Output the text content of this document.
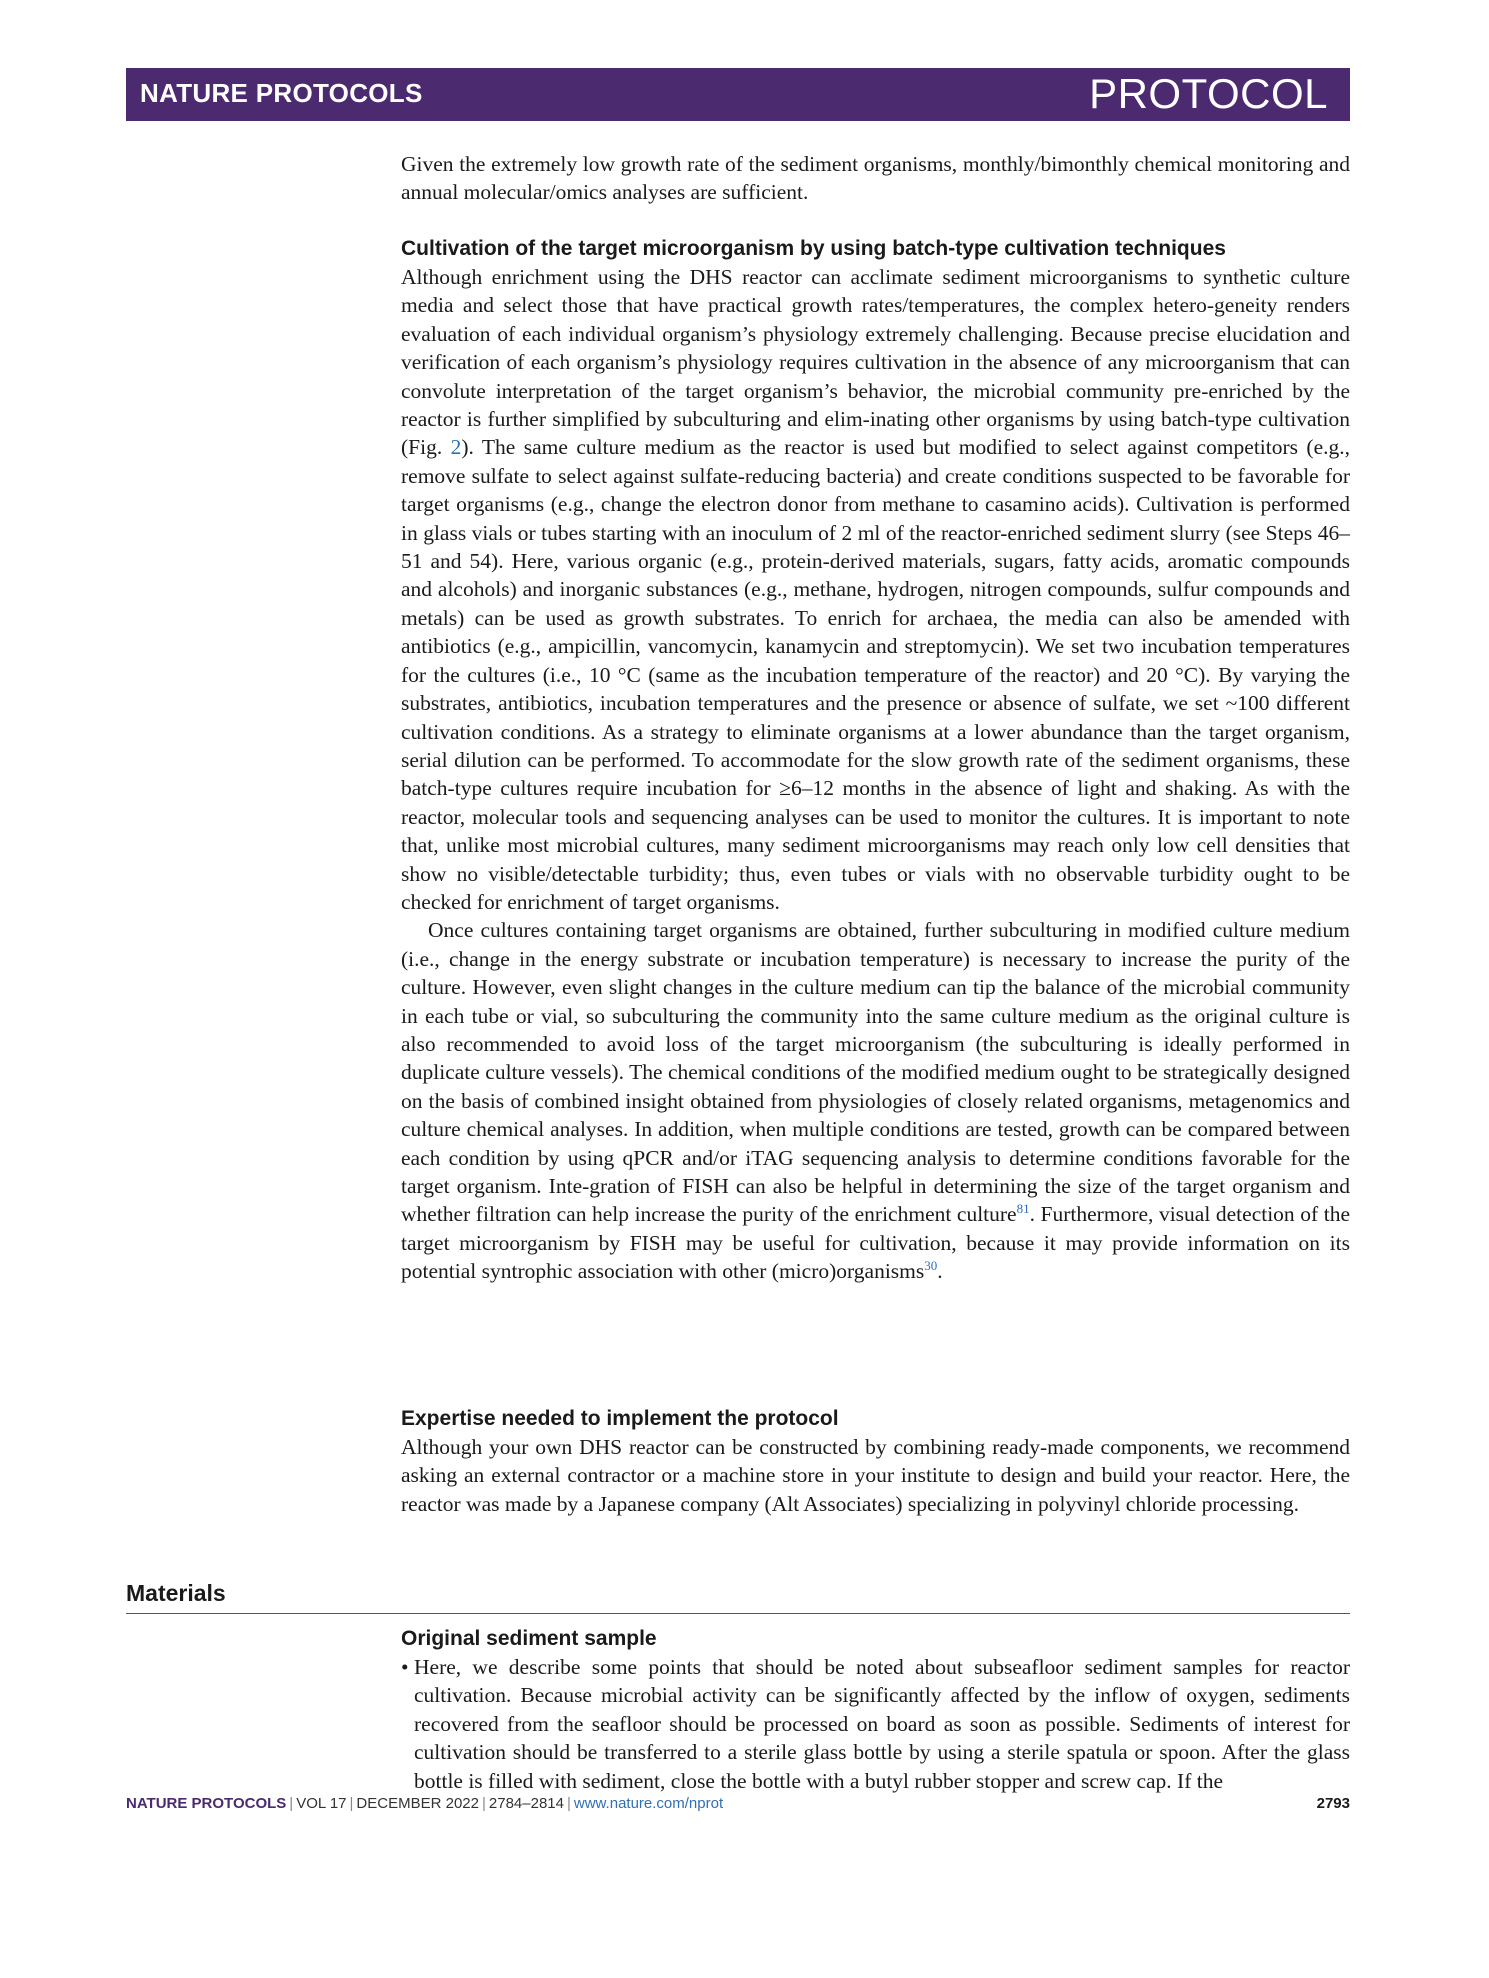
NATURE PROTOCOLS	PROTOCOL

Given the extremely low growth rate of the sediment organisms, monthly/bimonthly chemical monitoring and annual molecular/omics analyses are sufficient.

Cultivation of the target microorganism by using batch-type cultivation techniques

Although enrichment using the DHS reactor can acclimate sediment microorganisms to synthetic culture media and select those that have practical growth rates/temperatures, the complex hetero-geneity renders evaluation of each individual organism’s physiology extremely challenging. Because precise elucidation and verification of each organism’s physiology requires cultivation in the absence of any microorganism that can convolute interpretation of the target organism’s behavior, the microbial community pre-enriched by the reactor is further simplified by subculturing and elim-inating other organisms by using batch-type cultivation (Fig. 2). The same culture medium as the reactor is used but modified to select against competitors (e.g., remove sulfate to select against sulfate-reducing bacteria) and create conditions suspected to be favorable for target organisms (e.g., change the electron donor from methane to casamino acids). Cultivation is performed in glass vials or tubes starting with an inoculum of 2 ml of the reactor-enriched sediment slurry (see Steps 46–51 and 54). Here, various organic (e.g., protein-derived materials, sugars, fatty acids, aromatic compounds and alcohols) and inorganic substances (e.g., methane, hydrogen, nitrogen compounds, sulfur compounds and metals) can be used as growth substrates. To enrich for archaea, the media can also be amended with antibiotics (e.g., ampicillin, vancomycin, kanamycin and streptomycin). We set two incubation temperatures for the cultures (i.e., 10 °C (same as the incubation temperature of the reactor) and 20 °C). By varying the substrates, antibiotics, incubation temperatures and the presence or absence of sulfate, we set ~100 different cultivation conditions. As a strategy to eliminate organisms at a lower abundance than the target organism, serial dilution can be performed. To accommodate for the slow growth rate of the sediment organisms, these batch-type cultures require incubation for ≥6–12 months in the absence of light and shaking. As with the reactor, molecular tools and sequencing analyses can be used to monitor the cultures. It is important to note that, unlike most microbial cultures, many sediment microorganisms may reach only low cell densities that show no visible/detectable turbidity; thus, even tubes or vials with no observable turbidity ought to be checked for enrichment of target organisms.

Once cultures containing target organisms are obtained, further subculturing in modified culture medium (i.e., change in the energy substrate or incubation temperature) is necessary to increase the purity of the culture. However, even slight changes in the culture medium can tip the balance of the microbial community in each tube or vial, so subculturing the community into the same culture medium as the original culture is also recommended to avoid loss of the target microorganism (the subculturing is ideally performed in duplicate culture vessels). The chemical conditions of the modified medium ought to be strategically designed on the basis of combined insight obtained from physiologies of closely related organisms, metagenomics and culture chemical analyses. In addition, when multiple conditions are tested, growth can be compared between each condition by using qPCR and/or iTAG sequencing analysis to determine conditions favorable for the target organism. Inte-gration of FISH can also be helpful in determining the size of the target organism and whether filtration can help increase the purity of the enrichment culture$^{81}$. Furthermore, visual detection of the target microorganism by FISH may be useful for cultivation, because it may provide information on its potential syntrophic association with other (micro)organisms$^{30}$.

Expertise needed to implement the protocol

Although your own DHS reactor can be constructed by combining ready-made components, we recommend asking an external contractor or a machine store in your institute to design and build your reactor. Here, the reactor was made by a Japanese company (Alt Associates) specializing in polyvinyl chloride processing.

Materials
Original sediment sample
• Here, we describe some points that should be noted about subseafloor sediment samples for reactor cultivation. Because microbial activity can be significantly affected by the inflow of oxygen, sediments recovered from the seafloor should be processed on board as soon as possible. Sediments of interest for cultivation should be transferred to a sterile glass bottle by using a sterile spatula or spoon. After the glass bottle is filled with sediment, close the bottle with a butyl rubber stopper and screw cap. If the

NATURE PROTOCOLS | VOL 17 | DECEMBER 2022 | 2784–2814 | www.nature.com/nprot	2793
